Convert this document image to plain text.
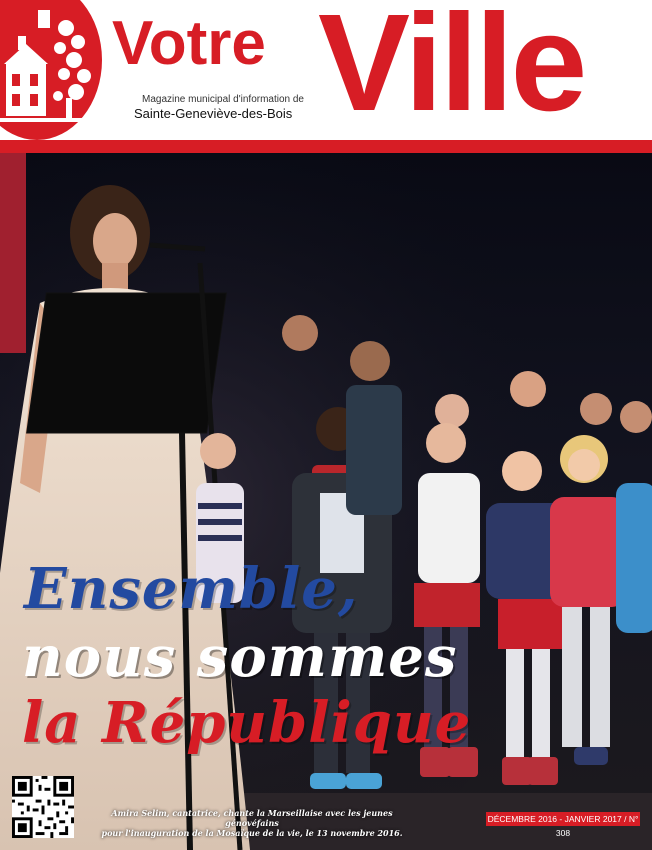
Votre Ville
Magazine municipal d'information de
Sainte-Geneviève-des-Bois
Ensemble,
nous sommes
la République
Amira Selim, cantatrice, chante la Marseillaise avec les jeunes génovéfains
pour l'inauguration de la Mosaïque de la vie, le 13 novembre 2016.
DÉCEMBRE 2016 - JANVIER 2017 / N° 308
